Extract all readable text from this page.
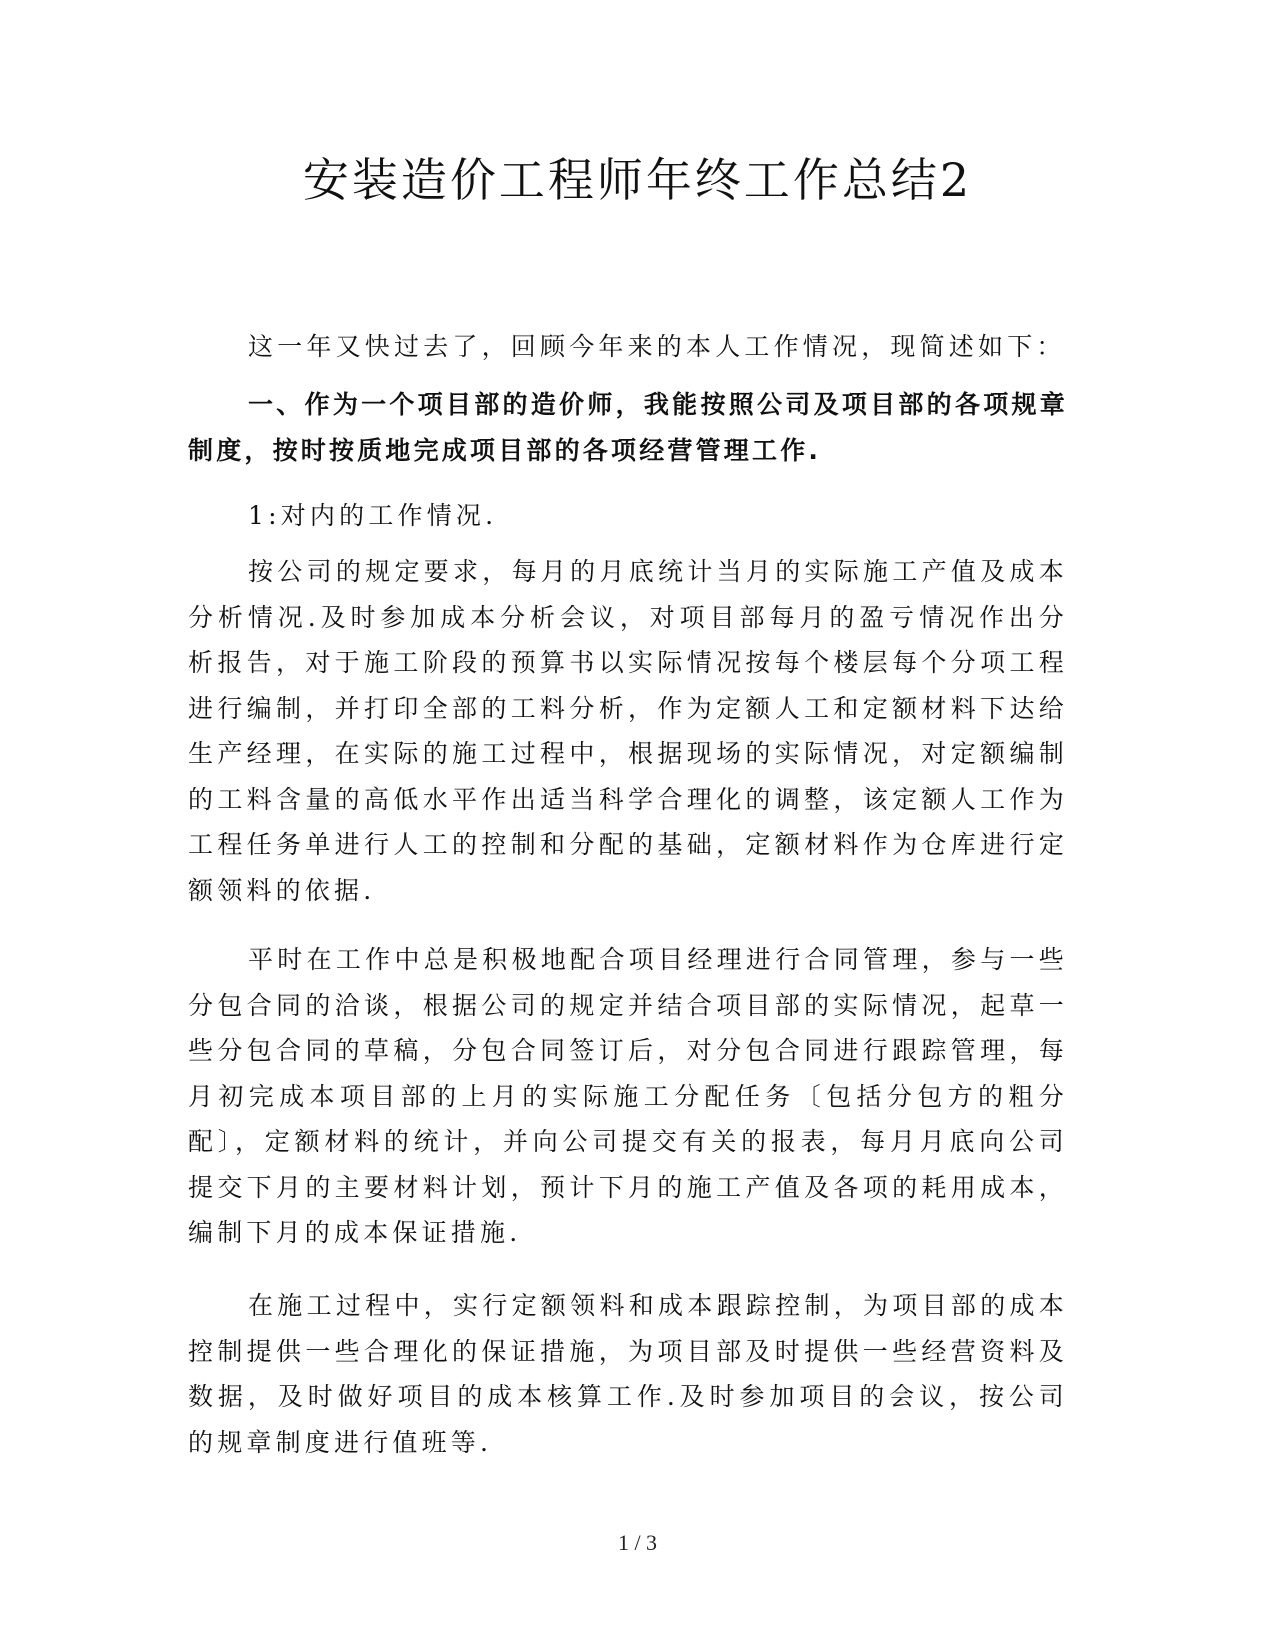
安装造价工程师年终工作总结2

这一年又快过去了，回顾今年来的本人工作情况，现简述如下：

一、作为一个项目部的造价师，我能按照公司及项目部的各项规章制度，按时按质地完成项目部的各项经营管理工作.

1:对内的工作情况.

按公司的规定要求，每月的月底统计当月的实际施工产值及成本分析情况.及时参加成本分析会议，对项目部每月的盈亏情况作出分析报告，对于施工阶段的预算书以实际情况按每个楼层每个分项工程进行编制，并打印全部的工料分析，作为定额人工和定额材料下达给生产经理，在实际的施工过程中，根据现场的实际情况，对定额编制的工料含量的高低水平作出适当科学合理化的调整，该定额人工作为工程任务单进行人工的控制和分配的基础，定额材料作为仓库进行定额领料的依据.

平时在工作中总是积极地配合项目经理进行合同管理，参与一些分包合同的洽谈，根据公司的规定并结合项目部的实际情况，起草一些分包合同的草稿，分包合同签订后，对分包合同进行跟踪管理，每月初完成本项目部的上月的实际施工分配任务〔包括分包方的粗分配〕，定额材料的统计，并向公司提交有关的报表，每月月底向公司提交下月的主要材料计划，预计下月的施工产值及各项的耗用成本，编制下月的成本保证措施.

在施工过程中，实行定额领料和成本跟踪控制，为项目部的成本控制提供一些合理化的保证措施，为项目部及时提供一些经营资料及数据，及时做好项目的成本核算工作.及时参加项目的会议，按公司的规章制度进行值班等.

1 / 3
